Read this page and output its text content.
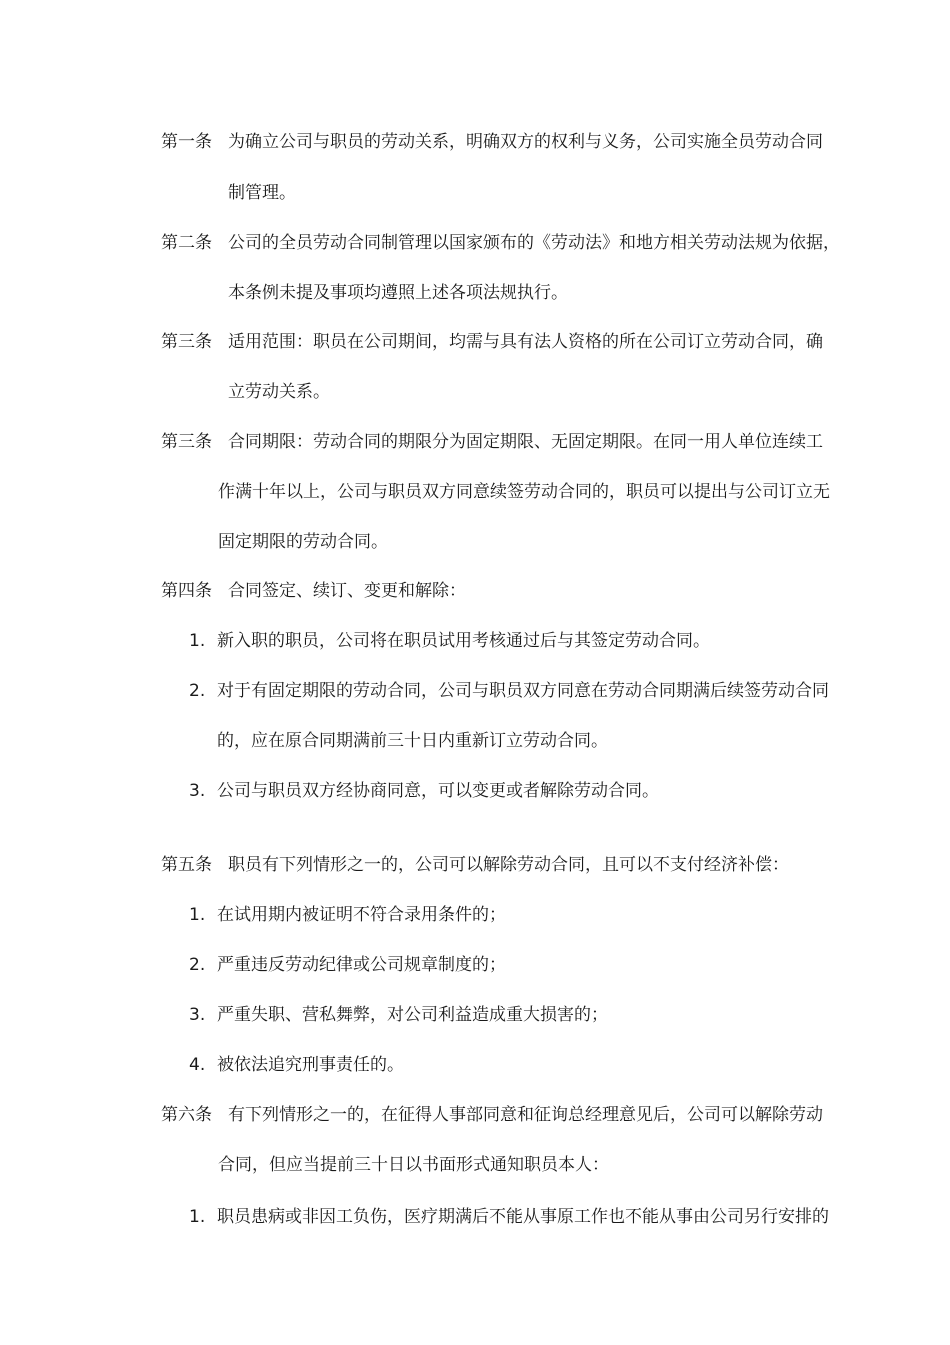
第一条 为确立公司与职员的劳动关系，明确双方的权利与义务，公司实施全员劳动合同
制管理。
第二条 公司的全员劳动合同制管理以国家颁布的《劳动法》和地方相关劳动法规为依据，
本条例未提及事项均遵照上述各项法规执行。
第三条 适用范围：职员在公司期间，均需与具有法人资格的所在公司订立劳动合同，确
立劳动关系。
第三条 合同期限：劳动合同的期限分为固定期限、无固定期限。在同一用人单位连续工
作满十年以上，公司与职员双方同意续签劳动合同的，职员可以提出与公司订立无
固定期限的劳动合同。
第四条 合同签定、续订、变更和解除：
1. 新入职的职员，公司将在职员试用考核通过后与其签定劳动合同。
2. 对于有固定期限的劳动合同，公司与职员双方同意在劳动合同期满后续签劳动合同
的，应在原合同期满前三十日内重新订立劳动合同。
3. 公司与职员双方经协商同意，可以变更或者解除劳动合同。
第五条 职员有下列情形之一的，公司可以解除劳动合同，且可以不支付经济补偿：
1. 在试用期内被证明不符合录用条件的；
2. 严重违反劳动纪律或公司规章制度的；
3. 严重失职、营私舞弊，对公司利益造成重大损害的；
4. 被依法追究刑事责任的。
第六条 有下列情形之一的，在征得人事部同意和征询总经理意见后，公司可以解除劳动
合同，但应当提前三十日以书面形式通知职员本人：
1. 职员患病或非因工负伤，医疗期满后不能从事原工作也不能从事由公司另行安排的
